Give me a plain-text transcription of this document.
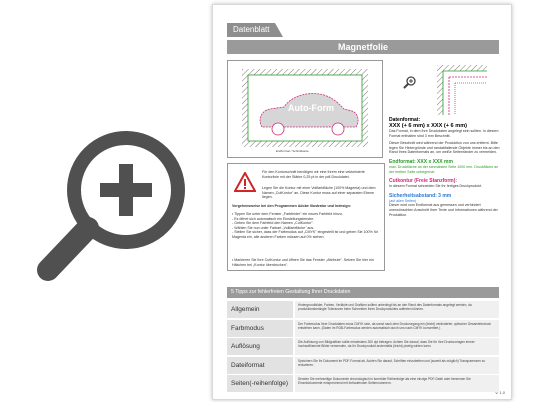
Datenblatt
Magnetfolie
Auto-Form
Endformat / Schnittkante
Datenformat:
XXX (+ 6 mm) x XXX (+ 6 mm)
Das Format, in dem Ihre Druckdaten angelegt sein sollten. In diesem Format enthalten sind 3 mm Beschnitt.
Dieser Beschnitt wird während der Produktion von uns entfernt. Bitte legen Sie Hintergründe und randabfallende Objekte immer bis an den Rand Ihres Datenformats an, um weiße Seitenränder zu vermeiden.
Endformat: XXX x XXX mm
max. Druckfläche an der schmalsten Seite 1000 mm. Druckfläche an der breiten Seite unbegrenzt.
Cutkontur (Freie Stanzform):
In diesem Format schneiden Sie Ihr fertiges Druckprodukt.
Sicherheitsabstand: 3 mm
(auf allen Seiten)
Dieser wird vom Endformat aus gemessen und verhindert unerwünschten Anschnitt Ihrer Texte und Informationen während der Produktion.
Für den Konturschnitt benötigen wir eine Ihrem eine vektorisierte Konturlinie mit der Stärke 0,25 pt in der pdf-Druckdatei.
Legen Sie die Kontur mit einer Vollfarbfläche (100% Magenta) und dem Namen „CutKontur" an. Diese Kontur muss auf einer separaten Ebene liegen.
Vorgehensweise bei den Programmen Adobe Illustrator und Indesign:
• Tippen Sie unter dem Fenster „Farbfelder" ein neues Farbfeld hinzu.
- Es öffnet sich automatisch ein Einstellungsfenster.
- Geben Sie dem Farbfeld den Namen „CutKontur".
- Wählen Sie nun unter Farbart „Vollfarbfläche" aus.
- Stellen Sie sicher, dass der Farbmodus auf „CMYK" eingestellt ist und geben Sie 100% für Magenta ein, alle anderen Farben müssen auf 0% stehen.
• Markieren Sie Ihre CutKontur und öffnen Sie das Fenster „Attribute". Setzen Sie hier ein Häkchen bei „Kontur überdrucken".
5 Tipps zur fehlerfreien Gestaltung Ihrer Druckdaten
Allgemein
Hintergrundbilder, Farben, Verläufe und Grafiken sollten unbedingt bis an den Rand des Datenformats angelegt werden, da produktionsbedingte Toleranzen beim Schneiden Ihres Druckproduktes auftreten können.
Farbmodus
Der Farbmodus Ihrer Druckdaten muss CMYK sein, da sonst nach dem Druckvorgang ein (leicht) veränderter, optischer Gesamteindruck entstehen kann. (Daten im RGB-Farbmodus werden automatisch durch uns nach CMYK konvertiert.)
Auflösung
Die Auflösung von Bildgrafiken sollte mindestens 300 dpi betragen. Achten Sie darauf, dass Sie für Ihre Druckvorlagen immer hochauflösende Bilder verwenden, da Ihr Druckprodukt andernfalls (leicht) pixelig wirken kann.
Dateiformat
Speichern Sie Ihr Dokument im PDF-Format ab. Achten Sie darauf, Schriften einzubetten und (soweit als möglich) Transparenzen zu reduzieren.
Seiten(-reihenfolge)
Senden Sie mehrseitige Dokumente chronologisch in korrekter Reihenfolge als eine einzige PDF-Datei oder benennen Sie Einzeldokumente entsprechend mit fortlaufenden Seitennummern.
v. 1.0
